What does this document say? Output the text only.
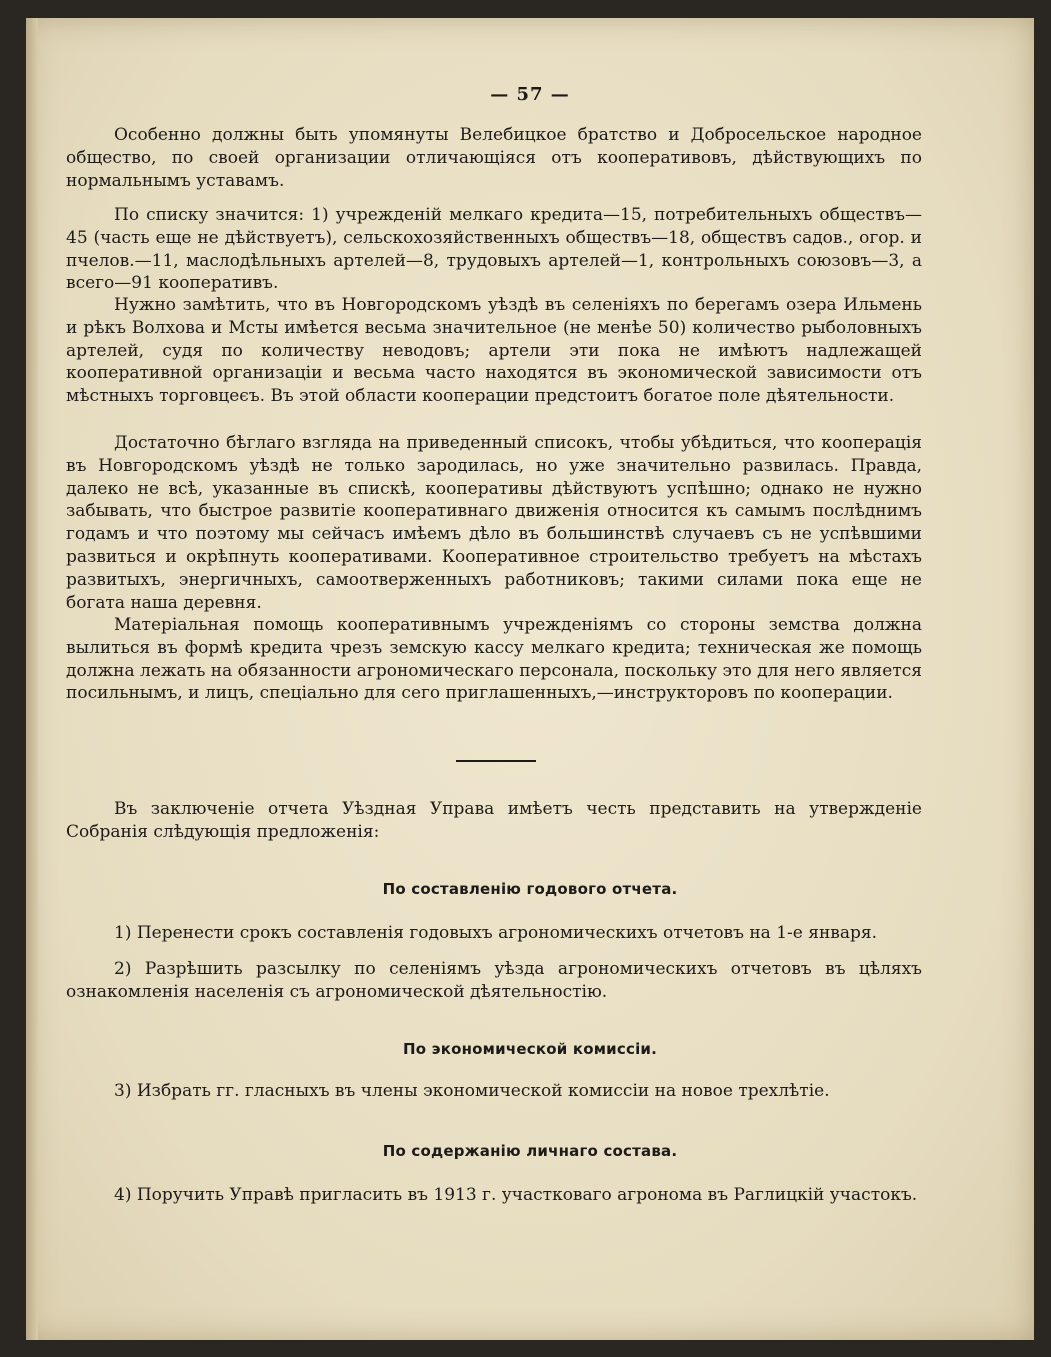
— 57 —

Особенно должны быть упомянуты Велебицкое братство и Добросельское народное общество, по своей организации отличающіяся отъ кооперативовъ, дѣйствующихъ по нормальнымъ уставамъ.

По списку значится: 1) учрежденій мелкаго кредита—15, потребительныхъ обществъ—45 (часть еще не дѣйствуетъ), сельскохозяйственныхъ обществъ—18, обществъ садов., огор. и пчелов.—11, маслодѣльныхъ артелей—8, трудовыхъ артелей—1, контрольныхъ союзовъ—3, а всего—91 кооперативъ.

Нужно замѣтить, что въ Новгородскомъ уѣздѣ въ селеніяхъ по берегамъ озера Ильмень и рѣкъ Волхова и Мсты имѣется весьма значительное (не менѣе 50) количество рыболовныхъ артелей, судя по количеству неводовъ; артели эти пока не имѣютъ надлежащей кооперативной организаціи и весьма часто находятся въ экономической зависимости отъ мѣстныхъ торговцеєъ. Въ этой области кооперации предстоитъ богатое поле дѣятельности.

Достаточно бѣглаго взгляда на приведенный списокъ, чтобы убѣдиться, что кооперація въ Новгородскомъ уѣздѣ не только зародилась, но уже значительно развилась. Правда, далеко не всѣ, указанные въ спискѣ, кооперативы дѣйствуютъ успѣшно; однако не нужно забывать, что быстрое развитіе кооперативнаго движенія относится къ самымъ послѣднимъ годамъ и что поэтому мы сейчасъ имѣемъ дѣло въ большинствѣ случаевъ съ не успѣвшими развиться и окрѣпнуть кооперативами. Кооперативное строительство требуетъ на мѣстахъ развитыхъ, энергичныхъ, самоотверженныхъ работниковъ; такими силами пока еще не богата наша деревня.

Матеріальная помощь кооперативнымъ учрежденіямъ со стороны земства должна вылиться въ формѣ кредита чрезъ земскую кассу мелкаго кредита; техническая же помощь должна лежать на обязанности агрономическаго персонала, поскольку это для него является посильнымъ, и лицъ, спеціально для сего приглашенныхъ,—инструкторовъ по кооперации.

Въ заключеніе отчета Уѣздная Управа имѣетъ честь представить на утвержденіе Собранія слѣдующія предложенія:

По составленію годового отчета.

1) Перенести срокъ составленія годовыхъ агрономическихъ отчетовъ на 1-е января.

2) Разрѣшить разсылку по селеніямъ уѣзда агрономическихъ отчетовъ въ цѣляхъ ознакомленія населенія съ агрономической дѣятельностію.

По экономической комиссіи.

3) Избрать гг. гласныхъ въ члены экономической комиссіи на новое трехлѣтіе.

По содержанію личнаго состава.

4) Поручить Управѣ пригласить въ 1913 г. участковаго агронома въ Раглицкій участокъ.
